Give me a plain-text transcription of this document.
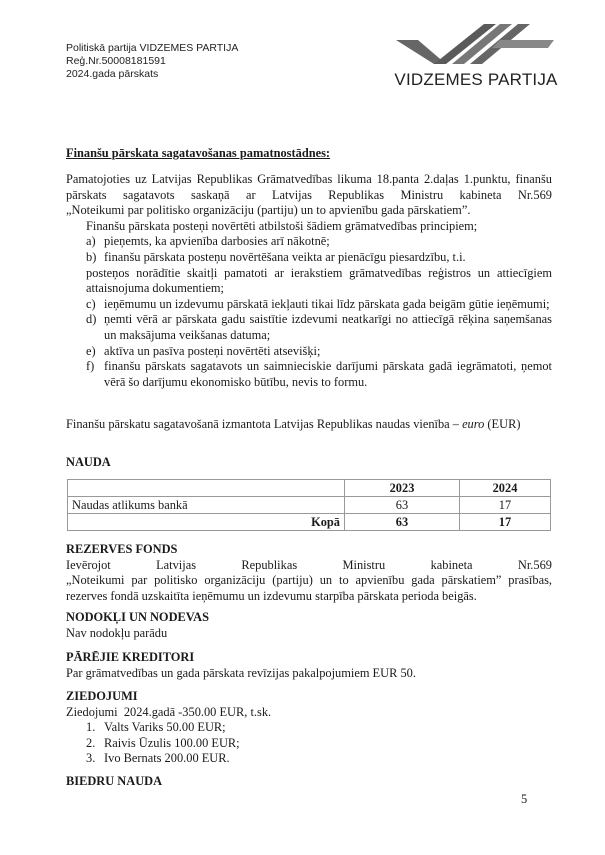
Politiskā partija VIDZEMES PARTIJA
Reģ.Nr.50008181591
2024.gada pārskats	VIDZEMES PARTIJA
Finanšu pārskata sagatavošanas pamatnostādnes:
Pamatojoties uz Latvijas Republikas Grāmatvedības likuma 18.panta 2.daļas 1.punktu, finanšu
pārskats sagatavots saskaņā ar Latvijas Republikas Ministru kabineta Nr.569
„Noteikumi par politisko organizāciju (partiju) un to apvienību gada pārskatiem”.
Finanšu pārskata posteņi novērtēti atbilstoši šādiem grāmatvedības principiem;
a) pieņemts, ka apvienība darbosies arī nākotnē;
b) finanšu pārskata posteņu novērtēšana veikta ar pienācīgu piesardzību, t.i.
posteņos norādītie skaitļi pamatoti ar ierakstiem grāmatvedības reģistros un attiecīgiem attaisnojuma dokumentiem;
c) ieņēmumu un izdevumu pārskatā iekļauti tikai līdz pārskata gada beigām gūtie ieņēmumi;
d) ņemti vērā ar pārskata gadu saistītie izdevumi neatkarīgi no attiecīgā rēķina saņemšanas un maksājuma veikšanas datuma;
e) aktīva un pasīva posteņi novērtēti atsevišķi;
f) finanšu pārskats sagatavots un saimnieciskie darījumi pārskata gadā iegrāmatoti, ņemot vērā šo darījumu ekonomisko būtību, nevis to formu.
Finanšu pārskatu sagatavošanā izmantota Latvijas Republikas naudas vienība – euro (EUR)
NAUDA
	2023	2024
Naudas atlikums bankā	63	17
Kopā	63	17
REZERVES FONDS
Ievērojot Latvijas Republikas Ministru kabineta Nr.569
„Noteikumi par politisko organizāciju (partiju) un to apvienību gada pārskatiem” prasības,
rezerves fondā uzskaitīta ieņēmumu un izdevumu starpība pārskata perioda beigās.
NODOKĻI UN NODEVAS
Nav nodokļu parādu
PĀRĒJIE KREDITORI
Par grāmatvedības un gada pārskata revīzijas pakalpojumiem EUR 50.
ZIEDOJUMI
Ziedojumi  2024.gadā -350.00 EUR, t.sk.
1. Valts Variks 50.00 EUR;
2. Raivis Ūzulis 100.00 EUR;
3. Ivo Bernats 200.00 EUR.
BIEDRU NAUDA
5
